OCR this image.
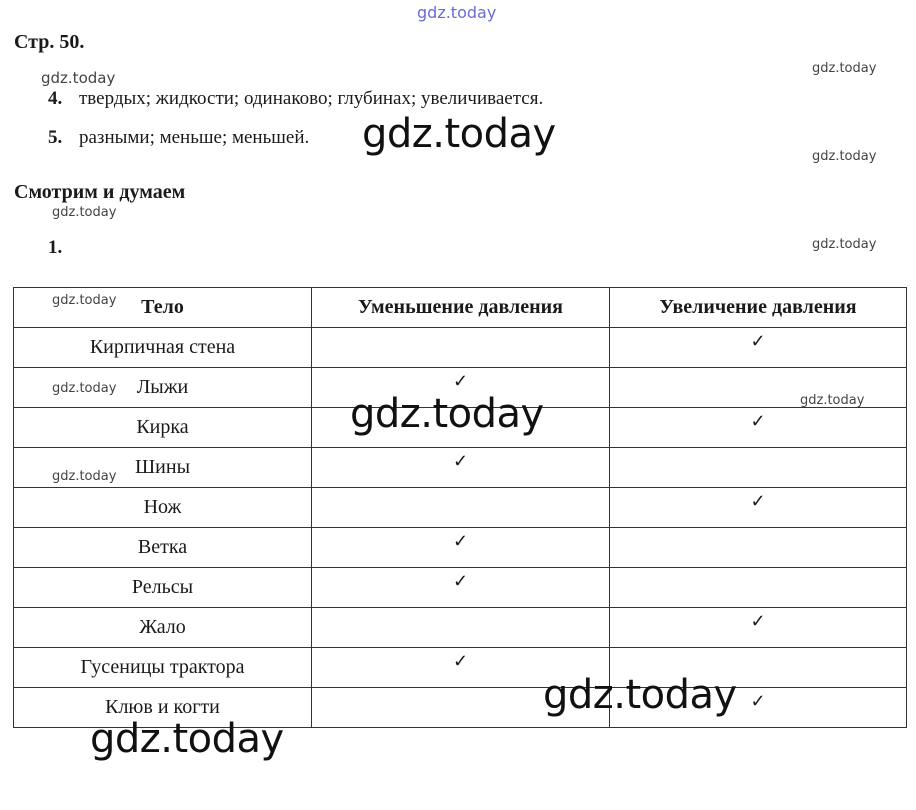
gdz.today
Стр. 50.
gdz.today
gdz.today
4. твердых; жидкости; одинаково; глубинах; увеличивается.
5. разными; меньше; меньшей. gdz.today	gdz.today
Смотрим и думаем
gdz.today
1.	gdz.today
Тело	Уменьшение давления	Увеличение давления
Кирпичная стена		✓
Лыжи	✓	
Кирка		✓
Шины	✓	
Нож		✓
Ветка	✓	
Рельсы	✓	
Жало		✓
Гусеницы трактора	✓	
Клюв и когти		✓
gdz.today
gdz.today
gdz.today
gdz.today
gdz.today
gdz.today
gdz.today
